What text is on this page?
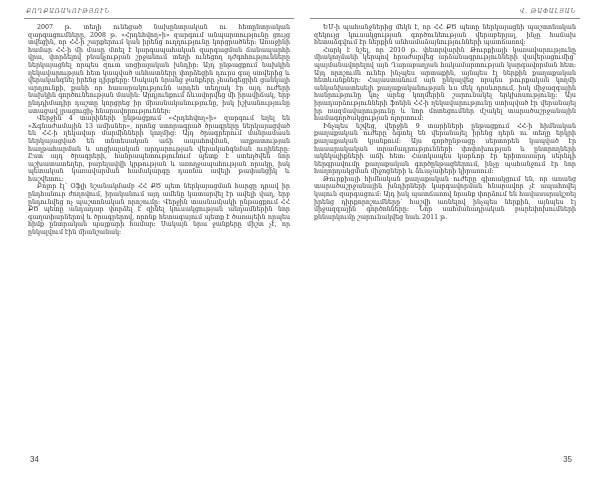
ՔՈՂՔԱՌԱԿՈՒԹՅՈՒՆ

2007 թ. տեղի ունեցած նախընտրական ու հետընտրական զարգացումները, 2008 թ. «Հրդեհվող»ի» զարգում անպարտությունը ցույց տվեցին, որ ՀՀ-ի շարքերում կան իրենց ուղղությունը կորցրածներ: Առաջինի համար ՀՀ-ի մի մասը մտել է կարգապահական զարգացման ճանապարհի վրա, փորձելով բնակչության շրջանում տեղի ունեցող դժգոհությունները ներկայացնել որպես զուտ սոցիալական խնդիր: Այդ ընթացքում նախկին ղեկավարության հետ կապված անհատները փորձեցին դուրս գալ ստվերից և վերականգնել իրենց դիրքերը: Սակայն նրանց ջանքերը չհանգեցրին ցանկալի արդյունքի, քանի որ հասարակությունն արդեն տեղյակ էր այդ ուժերի նախկին գործունեության մասին: Արդյունքում ձևավորվեց մի իրավիճակ, երբ ընդդիմադիր դաշտը կորցրեց իր միասնականությունը, իսկ իշխանությունը ստացավ լրացուցիչ հնարավորություններ:

Վերջին 4 տարիների ընթացքում «Հրդեհվող»ի» զարգում եղել են «Ճգնաժամային 13 ամիսներ», որոնց ստորագրած ծրագրերը ներկայացված են ՀՀ-ի ղեկավար մարմինների կողմից: Այդ ծրագրերում մանրամասն ներկայացված են տնտեսական աճի ապահովման, աղքատության հաղթահարման և սոցիալական արդարության վերականգնման ուղիները: Ըստ այդ ծրագրերի, հանրապետությունում պետք է ստեղծվեն նոր աշխատատեղեր, բարելավվի կրթության և առողջապահության որակը, իսկ պետական կառավարման համակարգը դառնա ավելի թափանցիկ և հաշվետու:

Բոլոր էլ՝ Օֆլի նշանակմամբ ՀՀ ՔԾ պետ ներկայացման հարցը դրավ իր ընդհանուր ժողովում, իրականում այդ ամենը կատարվել էր ավելի վաղ, երբ ընդունվեց ոչ պաշտոնական որոշումը: Վերջին տասնամյակի ընթացքում ՀՀ ՔԾ պետը անդադար փորձել է զինել կուսակցության անդամներին նոր գաղափարներով և ծրագրերով, որոնք հետագայում պետք է ծառայեին որպես հիմք ընտրական պայքարի համար: Սակայն նրա ջանքերը միշտ չէ, որ ընկալվում էին միանշանակ:

34
Վ. ԹԱՓԱԼՅԱՆ

ԵՄ-ի պահանջներից մեկն է, որ ՀՀ ՔԾ պետը ներկայացնի պաշտոնական զեկույց կուսակցության գործունեության վերաբերյալ, ինչը հաճախ հետաձգվում էր ներքին անհամաձայնությունների պատճառով:

Հարկ է նշել, որ 2010 թ. փետրվարին Թուրքիայի կառավարությունը միակողմանի կերպով հրաժարվեց արձանագրությունների վավերացումից՝ պայմանավորելով այն Ղարաբաղյան հակամարտության կարգավորման հետ: Այդ որոշումն ուներ ինչպես արտաքին, այնպես էլ ներքին քաղաքական հետևանքներ: Հայաստանում այն ընկալվեց որպես թուրքական կողմի անկանխատեսելի քաղաքականության ևս մեկ դրսևորում, իսկ միջազգային հանրությունը կոչ արեց կողմերին շարունակել երկխոսությունը: Այս իրադարձությունների ֆոնին ՀՀ-ի ղեկավարությունը ստիպված էր վերանայել իր ռազմավարությունը և նոր մոտեցումներ մշակել տարածաշրջանային համագործակցության ոլորտում:

Ինչպես նշվեց, վերջին 9 տարիների ընթացքում ՀՀ-ի հիմնական քաղաքական ուժերը ձգտել են վերանայել իրենց դերն ու տեղը երկրի քաղաքական կյանքում: Այս գործընթացը սերտորեն կապված էր հասարակական տրամադրությունների փոփոխության և ընտրողների ակնկալիքների աճի հետ: Հատկապես կարևոր էր երիտասարդ սերնդի ներգրավումը քաղաքական գործընթացներում, ինչը պահանջում էր նոր հաղորդակցման միջոցների և ձևաչափերի կիրառում:

Թուրքիայի հիմնական քաղաքական ուժերը գիտակցում են, որ առանց տարածաշրջանային խնդիրների կարգավորման հնարավոր չէ ապահովել կայուն զարգացում: Այդ իսկ պատճառով նրանք փորձում են հավասարակշռել իրենց դիրքորոշումները՝ հաշվի առնելով ինչպես ներքին, այնպես էլ միջազգային գործոնները: Նոր սահմանադրական բարեփոխումների քննարկումը շարունակվեց նաև 2011 թ.

35
